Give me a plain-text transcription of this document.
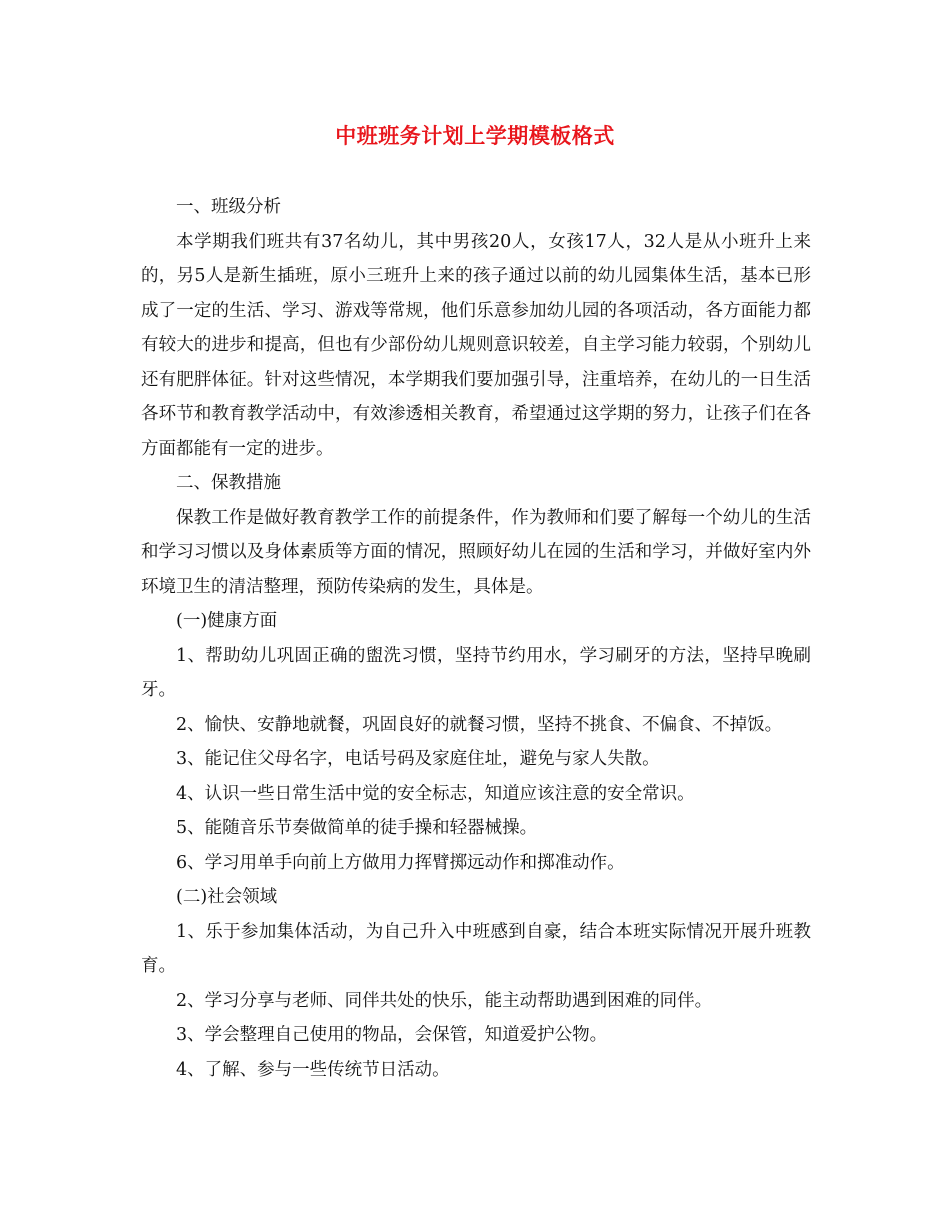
中班班务计划上学期模板格式

一、班级分析

本学期我们班共有37名幼儿，其中男孩20人，女孩17人，32人是从小班升上来的，另5人是新生插班，原小三班升上来的孩子通过以前的幼儿园集体生活，基本已形成了一定的生活、学习、游戏等常规，他们乐意参加幼儿园的各项活动，各方面能力都有较大的进步和提高，但也有少部份幼儿规则意识较差，自主学习能力较弱，个别幼儿还有肥胖体征。针对这些情况，本学期我们要加强引导，注重培养，在幼儿的一日生活各环节和教育教学活动中，有效渗透相关教育，希望通过这学期的努力，让孩子们在各方面都能有一定的进步。

二、保教措施

保教工作是做好教育教学工作的前提条件，作为教师和们要了解每一个幼儿的生活和学习习惯以及身体素质等方面的情况，照顾好幼儿在园的生活和学习，并做好室内外环境卫生的清洁整理，预防传染病的发生，具体是。

(一)健康方面

1、帮助幼儿巩固正确的盥洗习惯，坚持节约用水，学习刷牙的方法，坚持早晚刷牙。

2、愉快、安静地就餐，巩固良好的就餐习惯，坚持不挑食、不偏食、不掉饭。

3、能记住父母名字，电话号码及家庭住址，避免与家人失散。

4、认识一些日常生活中觉的安全标志，知道应该注意的安全常识。

5、能随音乐节奏做简单的徒手操和轻器械操。

6、学习用单手向前上方做用力挥臂掷远动作和掷准动作。

(二)社会领域

1、乐于参加集体活动，为自己升入中班感到自豪，结合本班实际情况开展升班教育。

2、学习分享与老师、同伴共处的快乐，能主动帮助遇到困难的同伴。

3、学会整理自己使用的物品，会保管，知道爱护公物。

4、了解、参与一些传统节日活动。
